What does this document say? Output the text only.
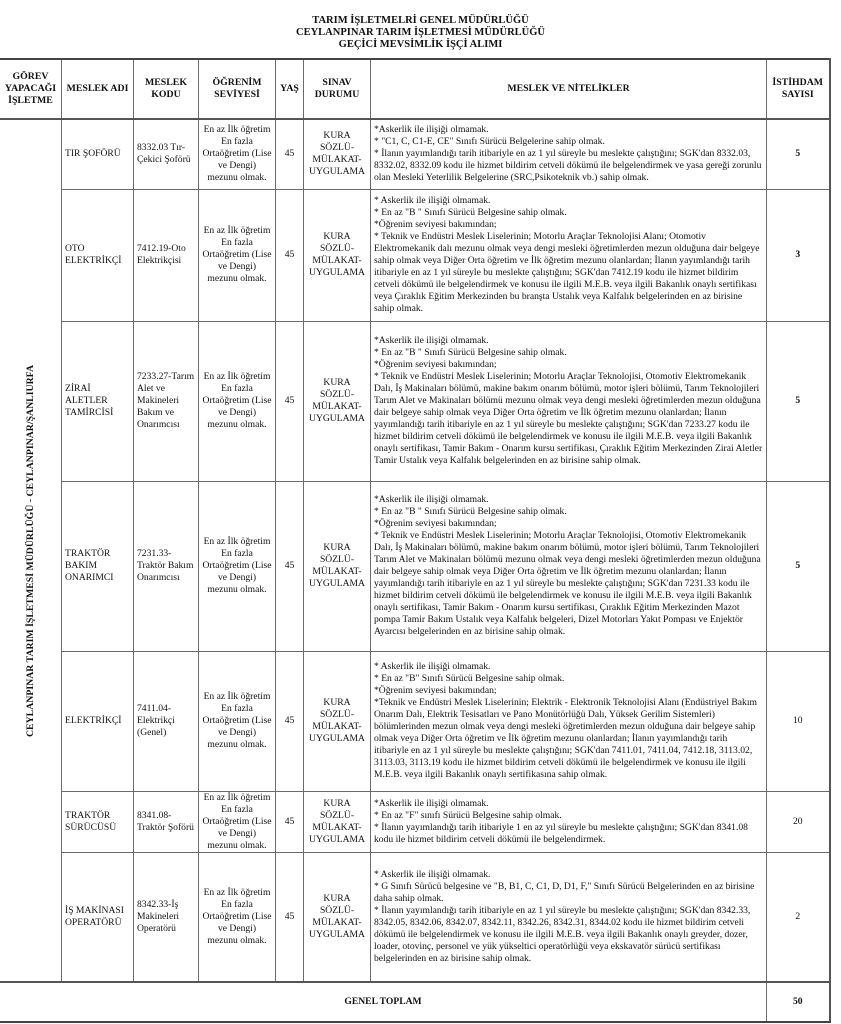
TARIM İŞLETMELRİ GENEL MÜDÜRLÜĞÜ
CEYLANPINAR TARIM İŞLETMESİ MÜDÜRLÜĞÜ
GEÇİCİ MEVSİMLİK İŞÇİ ALIMI
GÖREV YAPACAĞI İŞLETME	MESLEK ADI	MESLEK KODU	ÖĞRENİM SEVİYESİ	YAŞ	SINAV DURUMU	MESLEK VE NİTELİKLER	İSTİHDAM SAYISI

CEYLANPINAR TARIM İŞLETMESİ MÜDÜRLÜĞÜ - CEYLANPINAR/ŞANLIURFA	TIR ŞOFÖRÜ	8332.03 Tır-Çekici Şoförü	En az İlk öğretim En fazla Ortaöğretim (Lise ve Dengi) mezunu olmak.	45	KURA SÖZLÜ-MÜLAKAT-UYGULAMA	*Askerlik ile ilişiği olmamak.
* "C1, C, C1-E, CE" Sınıfı Sürücü Belgelerine sahip olmak.
* İlanın yayımlandığı tarih itibariyle en az 1 yıl süreyle bu meslekte çalıştığını; SGK'dan 8332.03, 8332.02, 8332.09 kodu ile hizmet bildirim cetveli dökümü ile belgelendirmek ve yasa gereği zorunlu olan Mesleki Yeterlilik Belgelerine (SRC,Psikoteknik vb.) sahip olmak.	5
	OTO ELEKTRİKÇİ	7412.19-Oto Elektrikçisi	En az İlk öğretim En fazla Ortaöğretim (Lise ve Dengi) mezunu olmak.	45	KURA SÖZLÜ-MÜLAKAT-UYGULAMA	* Askerlik ile ilişiği olmamak.
* En az "B " Sınıfı Sürücü Belgesine sahip olmak.
*Öğrenim seviyesi bakımından;
* Teknik ve Endüstri Meslek Liselerinin; Motorlu Araçlar Teknolojisi Alanı; Otomotiv Elektromekanik dalı mezunu olmak veya dengi mesleki öğretimlerden mezun olduğuna dair belgeye sahip olmak veya Diğer Orta öğretim ve İlk öğretim mezunu olanlardan; İlanın yayımlandığı tarih itibariyle en az 1 yıl süreyle bu meslekte çalıştığını; SGK'dan 7412.19 kodu ile hizmet bildirim cetveli dökümü ile belgelendirmek ve konusu ile ilgili M.E.B. veya ilgili Bakanlık onaylı sertifikası veya Çıraklık Eğitim Merkezinden bu branşta Ustalık veya Kalfalık belgelerinden en az birisine sahip olmak.	3
	ZİRAİ ALETLER TAMİRCİSİ	7233.27-Tarım Alet ve Makineleri Bakım ve Onarımcısı	En az İlk öğretim En fazla Ortaöğretim (Lise ve Dengi) mezunu olmak.	45	KURA SÖZLÜ-MÜLAKAT-UYGULAMA	*Askerlik ile ilişiği olmamak.
* En az "B " Sınıfı Sürücü Belgesine sahip olmak.
*Öğrenim seviyesi bakımından;
* Teknik ve Endüstri Meslek Liselerinin; Motorlu Araçlar Teknolojisi, Otomotiv Elektromekanik Dalı, İş Makinaları bölümü, makine bakım onarım bölümü, motor işleri bölümü, Tarım Teknolojileri Tarım Alet ve Makinaları bölümü mezunu olmak veya dengi mesleki öğretimlerden mezun olduğuna dair belgeye sahip olmak veya Diğer Orta öğretim ve İlk öğretim mezunu olanlardan; İlanın yayımlandığı tarih itibariyle en az 1 yıl süreyle bu meslekte çalıştığını; SGK'dan 7233.27 kodu ile hizmet bildirim cetveli dökümü ile belgelendirmek ve konusu ile ilgili M.E.B. veya ilgili Bakanlık onaylı sertifikası, Tamir Bakım - Onarım kursu sertifikası, Çıraklık Eğitim Merkezinden Zirai Aletler Tamir Ustalık veya Kalfalık belgelerinden en az birisine sahip olmak.	5
	TRAKTÖR BAKIM ONARIMCI	7231.33-Traktör Bakım Onarımcısı	En az İlk öğretim En fazla Ortaöğretim (Lise ve Dengi) mezunu olmak.	45	KURA SÖZLÜ-MÜLAKAT-UYGULAMA	*Askerlik ile ilişiği olmamak.
* En az "B " Sınıfı Sürücü Belgesine sahip olmak.
*Öğrenim seviyesi bakımından;
* Teknik ve Endüstri Meslek Liselerinin; Motorlu Araçlar Teknolojisi, Otomotiv Elektromekanik Dalı, İş Makinaları bölümü, makine bakım onarım bölümü, motor işleri bölümü, Tarım Teknolojileri Tarım Alet ve Makinaları bölümü mezunu olmak veya dengi mesleki öğretimlerden mezun olduğuna dair belgeye sahip olmak veya Diğer Orta öğretim ve İlk öğretim mezunu olanlardan; İlanın yayımlandığı tarih itibariyle en az 1 yıl süreyle bu meslekte çalıştığını; SGK'dan 7231.33 kodu ile hizmet bildirim cetveli dökümü ile belgelendirmek ve konusu ile ilgili M.E.B. veya ilgili Bakanlık onaylı sertifikası, Tamir Bakım - Onarım kursu sertifikası, Çıraklık Eğitim Merkezinden Mazot pompa Tamir Bakım Ustalık veya Kalfalık belgeleri, Dizel Motorları Yakıt Pompası ve Enjektör Ayarcısı belgelerinden en az birisine sahip olmak.	5
	ELEKTRİKÇİ	7411.04-Elektrikçi (Genel)	En az İlk öğretim En fazla Ortaöğretim (Lise ve Dengi) mezunu olmak.	45	KURA SÖZLÜ-MÜLAKAT-UYGULAMA	* Askerlik ile ilişiği olmamak.
* En az "B" Sınıfı Sürücü Belgesine sahip olmak.
*Öğrenim seviyesi bakımından;
*Teknik ve Endüstri Meslek Liselerinin; Elektrik - Elektronik Teknolojisi Alanı (Endüstriyel Bakım Onarım Dalı, Elektrik Tesisatları ve Pano Monütörlüğü Dalı, Yüksek Gerilim Sistemleri) bölümlerinden mezun olmak veya dengi mesleki öğretimlerden mezun olduğuna dair belgeye sahip olmak veya Diğer Orta öğretim ve İlk öğretim mezunu olanlardan; İlanın yayımlandığı tarih itibariyle en az 1 yıl süreyle bu meslekte çalıştığını; SGK'dan 7411.01, 7411.04, 7412.18, 3113.02, 3113.03, 3113.19 kodu ile hizmet bildirim cetveli dökümü ile belgelendirmek ve konusu ile ilgili M.E.B. veya ilgili Bakanlık onaylı sertifikasına sahip olmak.	10
	TRAKTÖR SÜRÜCÜSÜ	8341.08-Traktör Şoförü	En az İlk öğretim En fazla Ortaöğretim (Lise ve Dengi) mezunu olmak.	45	KURA SÖZLÜ-MÜLAKAT-UYGULAMA	*Askerlik ile ilişiği olmamak.
* En az "F" sınıfı Sürücü Belgesine sahip olmak.
* İlanın yayımlandığı tarih itibariyle 1 en az yıl süreyle bu meslekte çalıştığını; SGK'dan 8341.08 kodu ile hizmet bildirim cetveli dökümü ile belgelendirmek.	20
	İŞ MAKİNASI OPERATÖRÜ	8342.33-İş Makineleri Operatörü	En az İlk öğretim En fazla Ortaöğretim (Lise ve Dengi) mezunu olmak.	45	KURA SÖZLÜ-MÜLAKAT-UYGULAMA	* Askerlik ile ilişiği olmamak.
* G Sınıfı Sürücü belgesine ve "B, B1, C, C1, D, D1, F," Sınıfı Sürücü Belgelerinden en az birisine daha sahip olmak.
* İlanın yayımlandığı tarih itibariyle en az 1 yıl süreyle bu meslekte çalıştığını; SGK'dan 8342.33, 8342.05, 8342.06, 8342.07, 8342.11, 8342.26, 8342.31, 8344.02 kodu ile hizmet bildirim cetveli dökümü ile belgelendirmek ve konusu ile ilgili M.E.B. veya ilgili Bakanlık onaylı greyder, dozer, loader, otovinç, personel ve yük yükseltici operatörlüğü veya ekskavatör sürücü sertifikası belgelerinden en az birisine sahip olmak.	2
GENEL TOPLAM							50
